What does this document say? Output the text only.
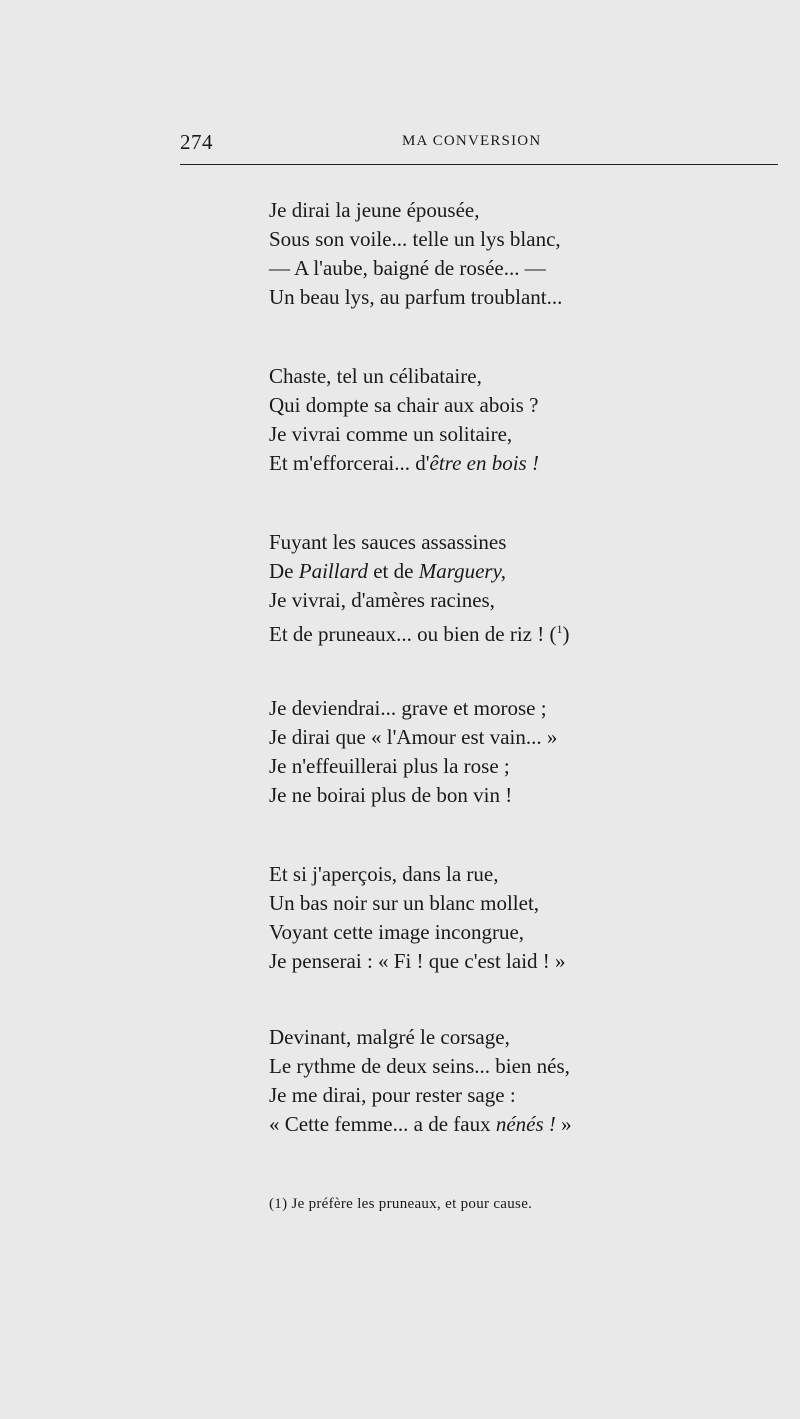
274	MA CONVERSION
Je dirai la jeune épousée,
Sous son voile... telle un lys blanc,
— A l'aube, baigné de rosée... —
Un beau lys, au parfum troublant...
Chaste, tel un célibataire,
Qui dompte sa chair aux abois ?
Je vivrai comme un solitaire,
Et m'efforcerai... d'être en bois !
Fuyant les sauces assassines
De Paillard et de Marguery,
Je vivrai, d'amères racines,
Et de pruneaux... ou bien de riz ! ($^1$)
Je deviendrai... grave et morose ;
Je dirai que « l'Amour est vain... »
Je n'effeuillerai plus la rose ;
Je ne boirai plus de bon vin !
Et si j'aperçois, dans la rue,
Un bas noir sur un blanc mollet,
Voyant cette image incongrue,
Je penserai : « Fi ! que c'est laid ! »
Devinant, malgré le corsage,
Le rythme de deux seins... bien nés,
Je me dirai, pour rester sage :
« Cette femme... a de faux nénés ! »
(1) Je préfère les pruneaux, et pour cause.
